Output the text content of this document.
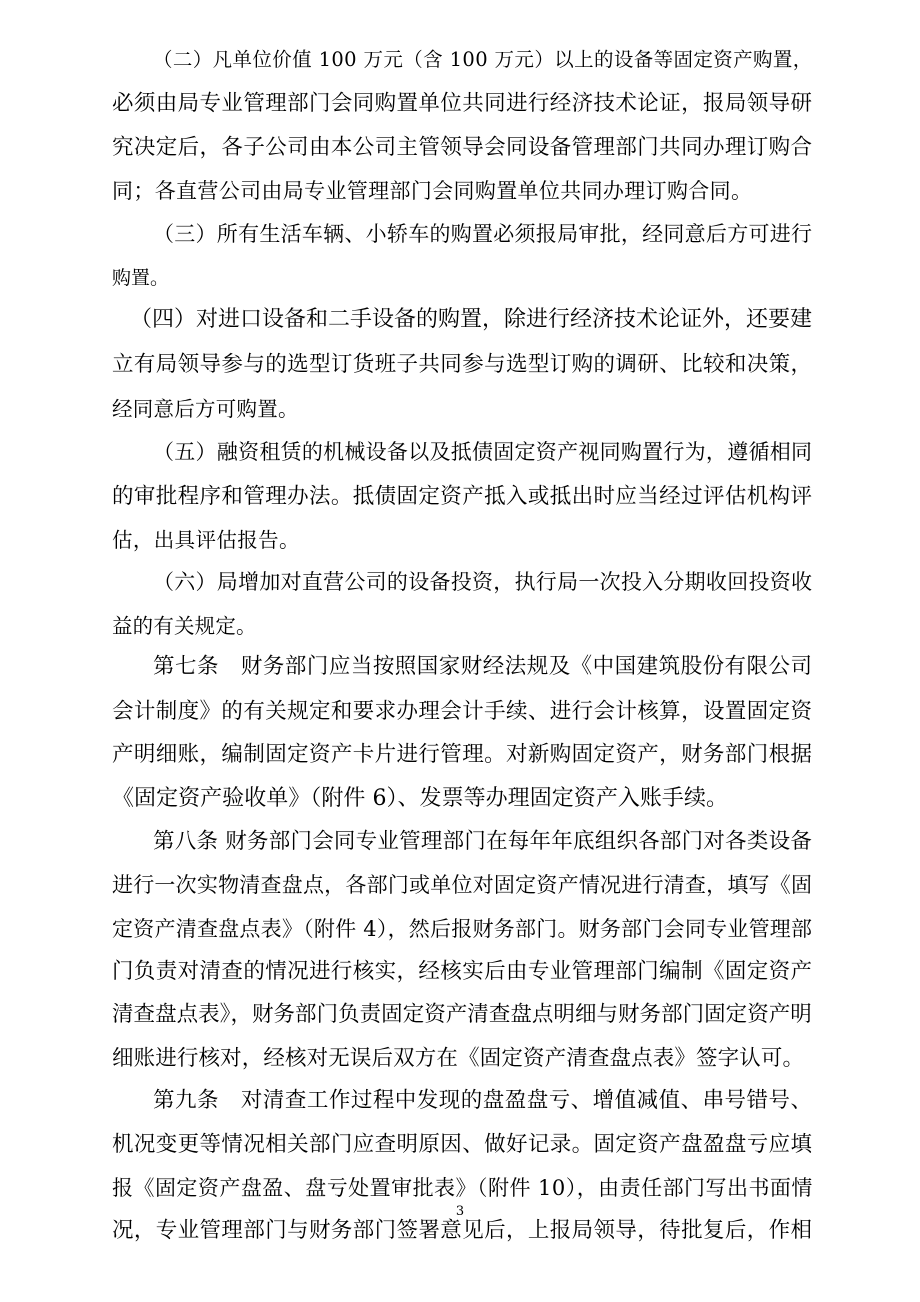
（二）凡单位价值 100 万元（含 100 万元）以上的设备等固定资产购置，
必须由局专业管理部门会同购置单位共同进行经济技术论证，报局领导研
究决定后，各子公司由本公司主管领导会同设备管理部门共同办理订购合
同；各直营公司由局专业管理部门会同购置单位共同办理订购合同。
（三）所有生活车辆、小轿车的购置必须报局审批，经同意后方可进行
购置。
（四）对进口设备和二手设备的购置，除进行经济技术论证外，还要建
立有局领导参与的选型订货班子共同参与选型订购的调研、比较和决策，
经同意后方可购置。
（五）融资租赁的机械设备以及抵债固定资产视同购置行为，遵循相同
的审批程序和管理办法。抵债固定资产抵入或抵出时应当经过评估机构评
估，出具评估报告。
（六）局增加对直营公司的设备投资，执行局一次投入分期收回投资收
益的有关规定。
第七条　财务部门应当按照国家财经法规及《中国建筑股份有限公司
会计制度》的有关规定和要求办理会计手续、进行会计核算，设置固定资
产明细账，编制固定资产卡片进行管理。对新购固定资产，财务部门根据
《固定资产验收单》（附件 6）、发票等办理固定资产入账手续。
第八条 财务部门会同专业管理部门在每年年底组织各部门对各类设备
进行一次实物清查盘点，各部门或单位对固定资产情况进行清查，填写《固
定资产清查盘点表》（附件 4），然后报财务部门。财务部门会同专业管理部
门负责对清查的情况进行核实，经核实后由专业管理部门编制《固定资产
清查盘点表》，财务部门负责固定资产清查盘点明细与财务部门固定资产明
细账进行核对，经核对无误后双方在《固定资产清查盘点表》签字认可。
第九条　对清查工作过程中发现的盘盈盘亏、增值减值、串号错号、
机况变更等情况相关部门应查明原因、做好记录。固定资产盘盈盘亏应填
报《固定资产盘盈、盘亏处置审批表》（附件 10），由责任部门写出书面情
况，专业管理部门与财务部门签署意见后，上报局领导，待批复后，作相
3
